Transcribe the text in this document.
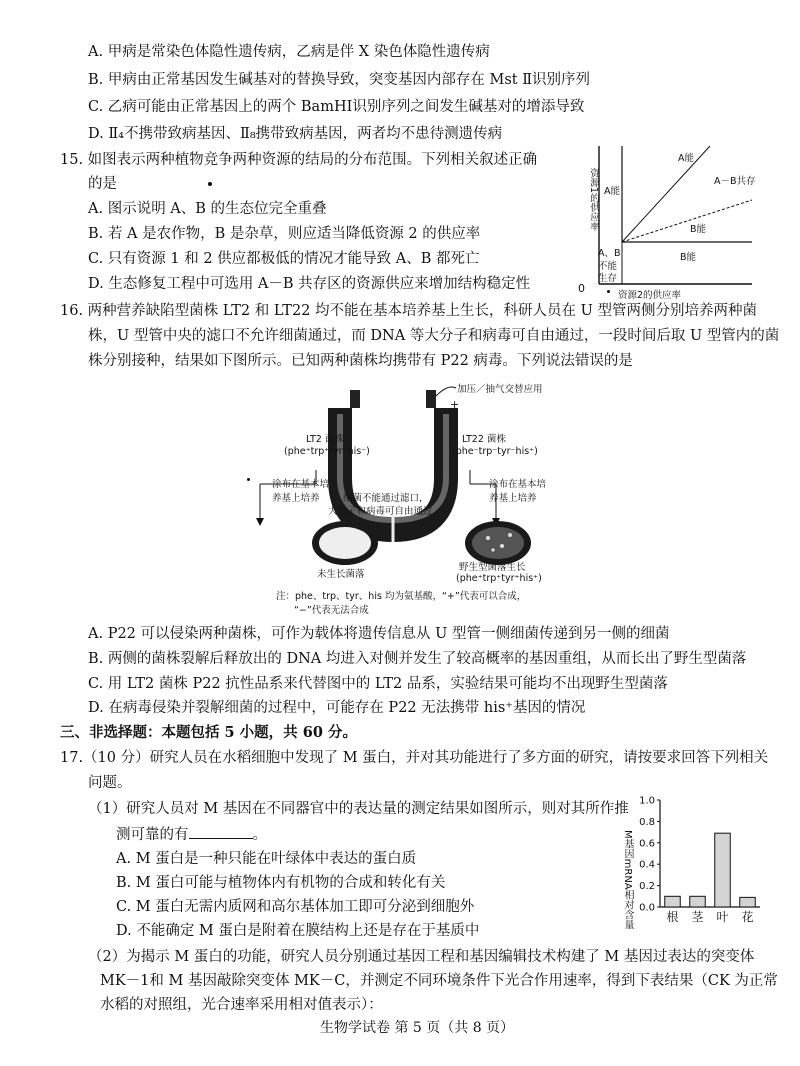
A. 甲病是常染色体隐性遗传病，乙病是伴 X 染色体隐性遗传病
B. 甲病由正常基因发生碱基对的替换导致，突变基因内部存在 Mst Ⅱ识别序列
C. 乙病可能由正常基因上的两个 BamHⅠ识别序列之间发生碱基对的增添导致
D. Ⅱ₄不携带致病基因、Ⅱ₈携带致病基因，两者均不患待测遗传病
15. 如图表示两种植物竞争两种资源的结局的分布范围。下列相关叙述正确
的是
A. 图示说明 A、B 的生态位完全重叠
B. 若 A 是农作物，B 是杂草，则应适当降低资源 2 的供应率
C. 只有资源 1 和 2 供应都极低的情况才能导致 A、B 都死亡
D. 生态修复工程中可选用 A－B 共存区的资源供应来增加结构稳定性
A能
A能
A－B共存
B能
B能
A、B
不能
生存
0
资源2的供应率
资源1的供应率
16. 两种营养缺陷型菌株 LT2 和 LT22 均不能在基本培养基上生长，科研人员在 U 型管两侧分别培养两种菌
株，U 型管中央的滤口不允许细菌通过，而 DNA 等大分子和病毒可自由通过，一段时间后取 U 型管内的菌
株分别接种，结果如下图所示。已知两种菌株均携带有 P22 病毒。下列说法错误的是
加压／抽气交替应用
+
LT2 菌株
(phe⁺trp⁺tyr⁺his⁻)
LT22 菌株
(phe⁻trp⁻tyr⁻his⁺)
涂布在基本培
养基上培养
涂布在基本培
养基上培养
细菌不能通过滤口，
大分子和病毒可自由通过
未生长菌落
野生型菌落生长
(phe⁺trp⁺tyr⁺his⁺)
注：phe、trp、tyr、his 均为氨基酸，“+”代表可以合成，
“−”代表无法合成
A. P22 可以侵染两种菌株，可作为载体将遗传信息从 U 型管一侧细菌传递到另一侧的细菌
B. 两侧的菌株裂解后释放出的 DNA 均进入对侧并发生了较高概率的基因重组，从而长出了野生型菌落
C. 用 LT2 菌株 P22 抗性品系来代替图中的 LT2 品系，实验结果可能均不出现野生型菌落
D. 在病毒侵染并裂解细菌的过程中，可能存在 P22 无法携带 his⁺基因的情况
三、非选择题：本题包括 5 小题，共 60 分。
17.（10 分）研究人员在水稻细胞中发现了 M 蛋白，并对其功能进行了多方面的研究，请按要求回答下列相关
问题。
（1）研究人员对 M 基因在不同器官中的表达量的测定结果如图所示，则对其所作推
测可靠的有	。
A. M 蛋白是一种只能在叶绿体中表达的蛋白质
B. M 蛋白可能与植物体内有机物的合成和转化有关
C. M 蛋白无需内质网和高尔基体加工即可分泌到细胞外
D. 不能确定 M 蛋白是附着在膜结构上还是存在于基质中
（2）为揭示 M 蛋白的功能，研究人员分别通过基因工程和基因编辑技术构建了 M 基因过表达的突变体
MK－1和 M 基因敲除突变体 MK－C，并测定不同环境条件下光合作用速率，得到下表结果（CK 为正常
水稻的对照组，光合速率采用相对值表示）：
0.0
0.2
0.4
0.6
0.8
1.0
根 茎 叶 花
M基因mRNA相对含量
生物学试卷 第 5 页（共 8 页）
